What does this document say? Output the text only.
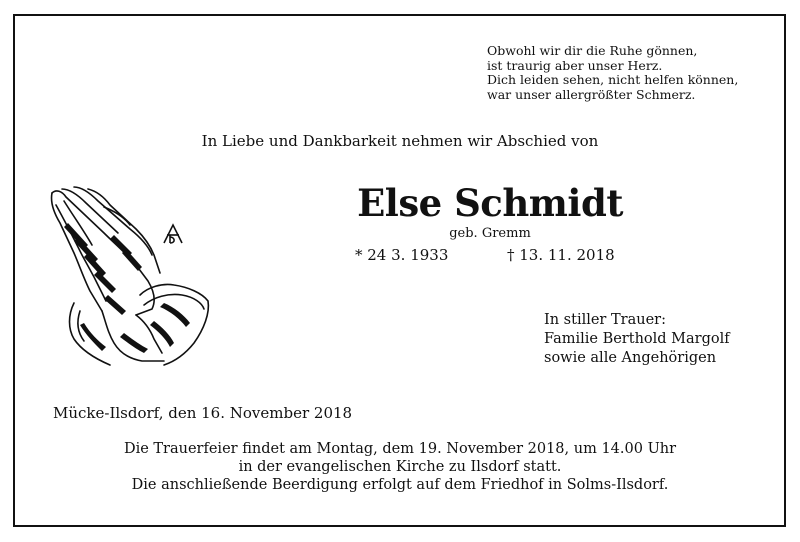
Obwohl wir dir die Ruhe gönnen,
ist traurig aber unser Herz.
Dich leiden sehen, nicht helfen können,
war unser allergrößter Schmerz.
In Liebe und Dankbarkeit nehmen wir Abschied von
Else Schmidt
geb. Gremm
* 24 3. 1933	† 13. 11. 2018
In stiller Trauer:
Familie Berthold Margolf
sowie alle Angehörigen
Mücke-Ilsdorf, den 16. November 2018
Die Trauerfeier findet am Montag, dem 19. November 2018, um 14.00 Uhr
in der evangelischen Kirche zu Ilsdorf statt.
Die anschließende Beerdigung erfolgt auf dem Friedhof in Solms-Ilsdorf.
